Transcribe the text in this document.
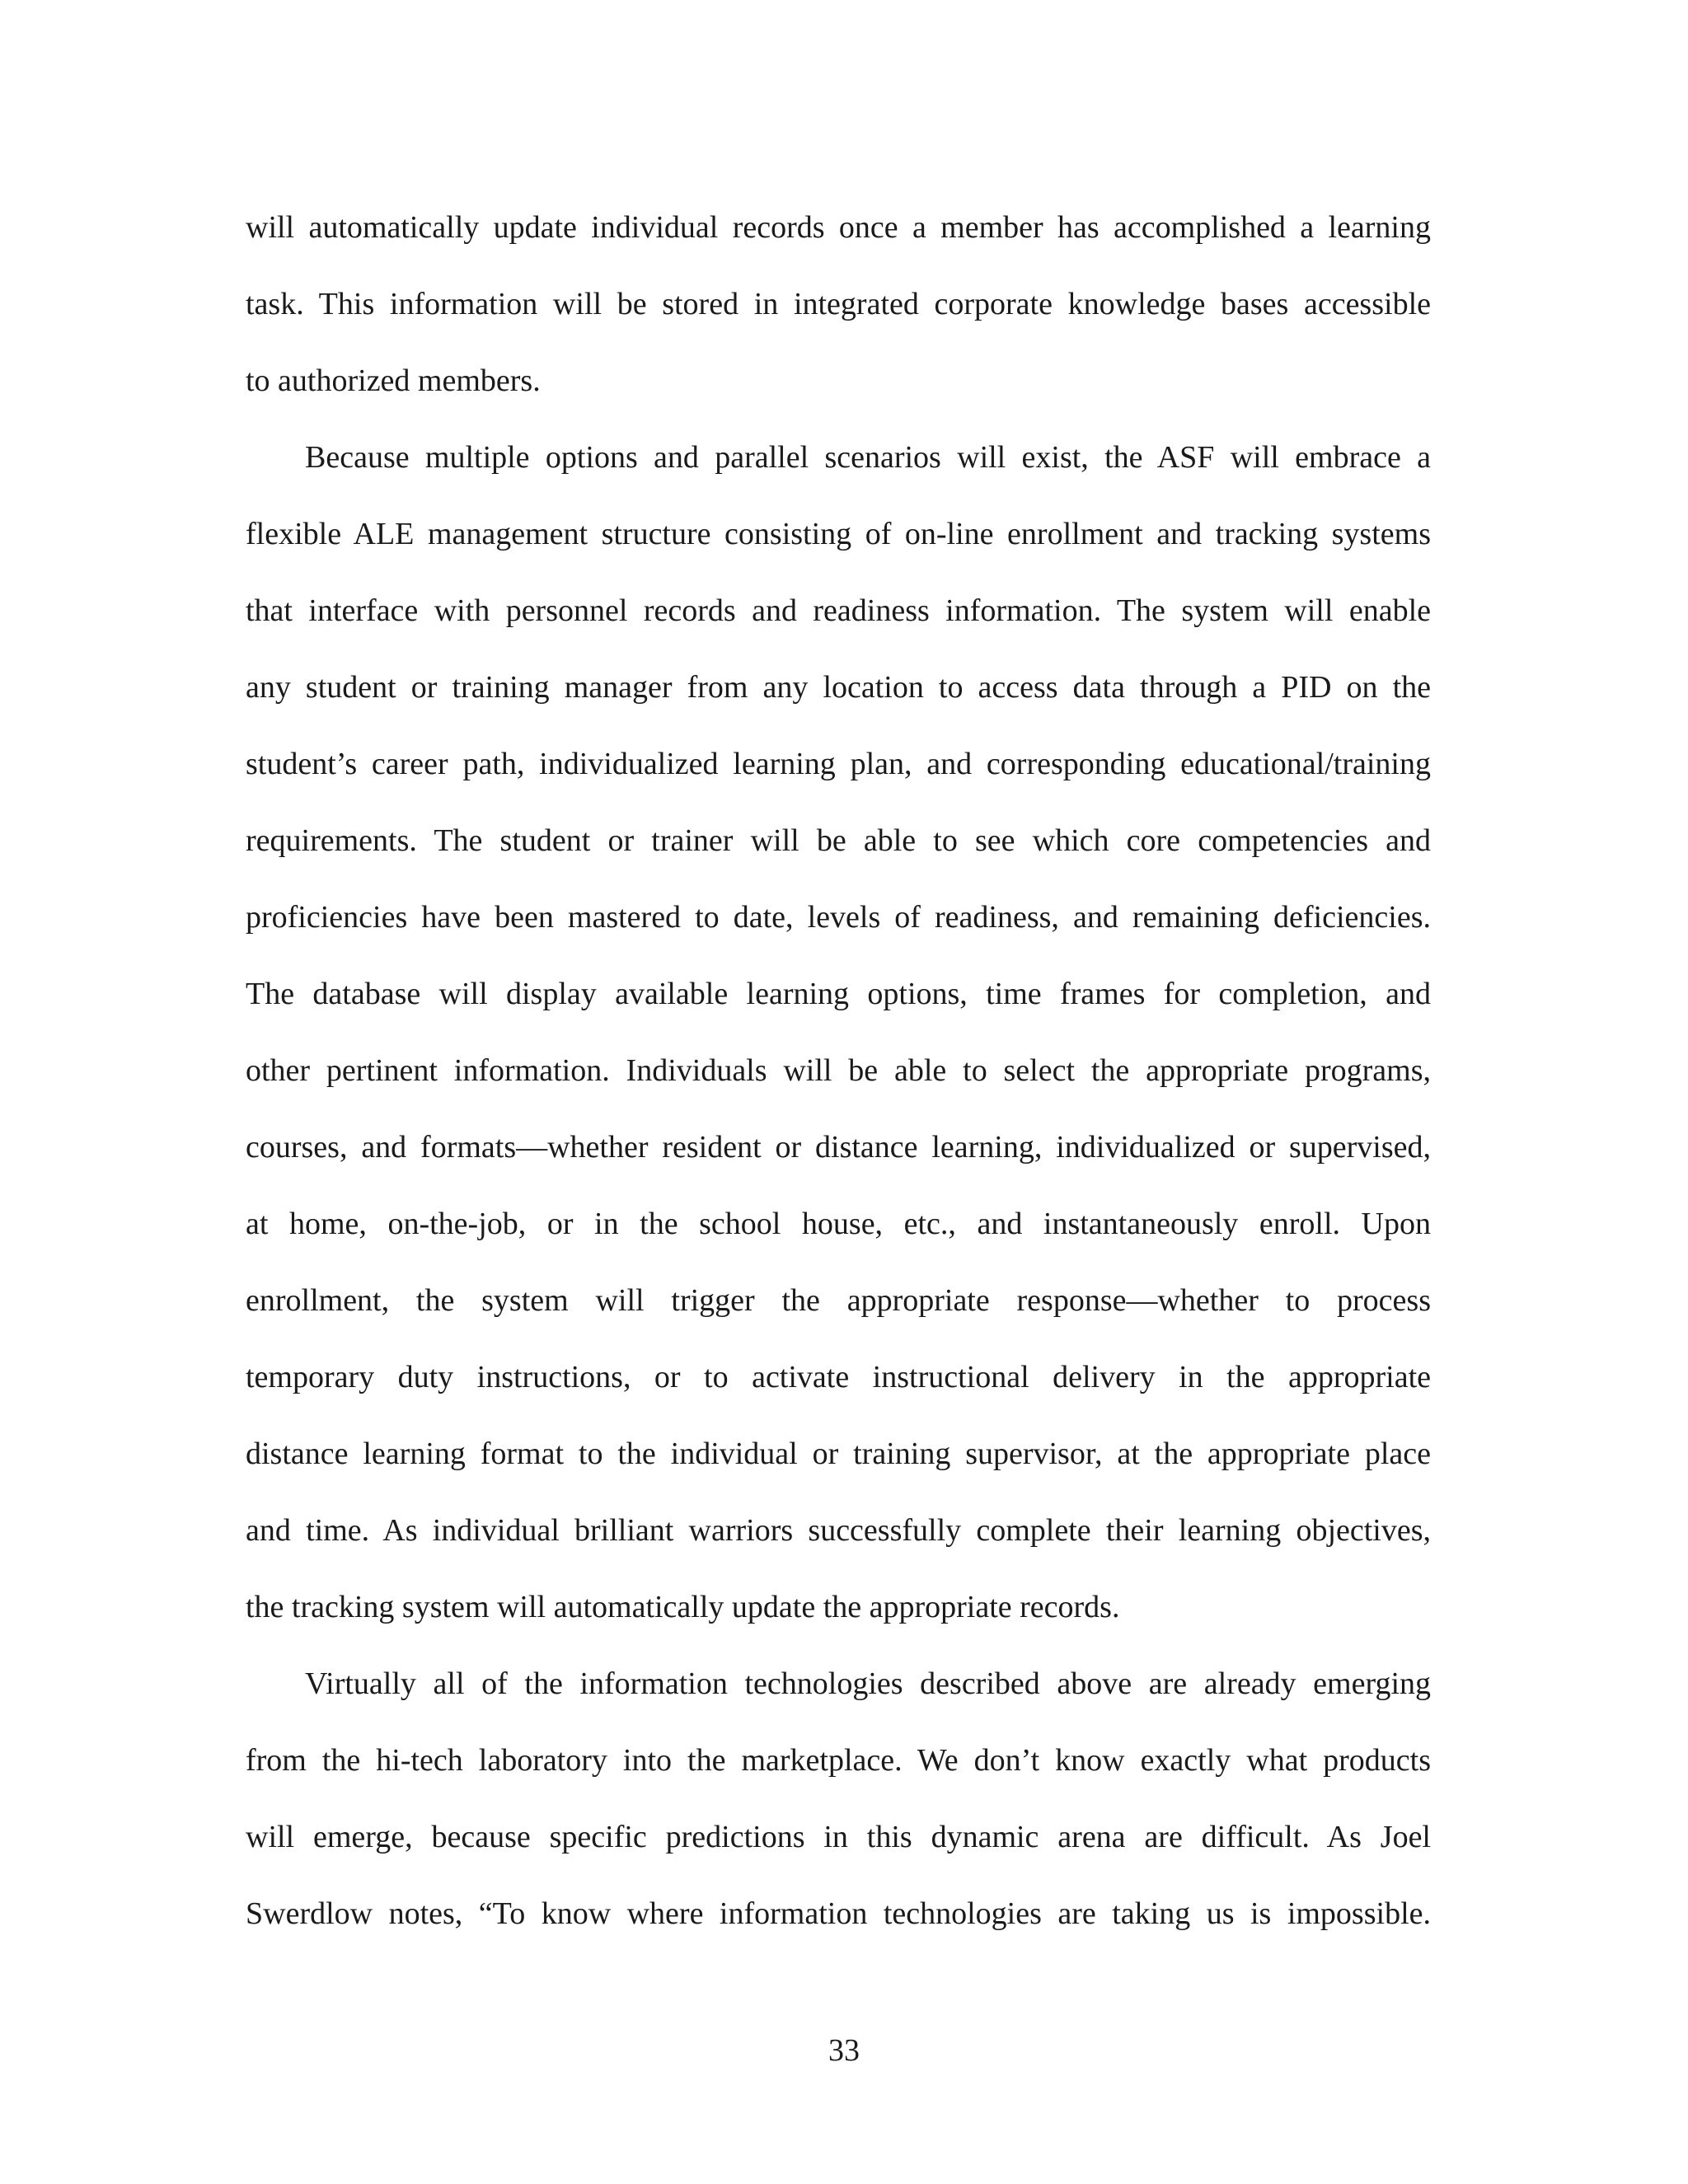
will automatically update individual records once a member has accomplished a learning
task. This information will be stored in integrated corporate knowledge bases accessible
to authorized members.
Because multiple options and parallel scenarios will exist, the ASF will embrace a
flexible ALE management structure consisting of on-line enrollment and tracking systems
that interface with personnel records and readiness information. The system will enable
any student or training manager from any location to access data through a PID on the
student’s career path, individualized learning plan, and corresponding educational/training
requirements. The student or trainer will be able to see which core competencies and
proficiencies have been mastered to date, levels of readiness, and remaining deficiencies.
The database will display available learning options, time frames for completion, and
other pertinent information. Individuals will be able to select the appropriate programs,
courses, and formats—whether resident or distance learning, individualized or supervised,
at home, on-the-job, or in the school house, etc., and instantaneously enroll. Upon
enrollment, the system will trigger the appropriate response—whether to process
temporary duty instructions, or to activate instructional delivery in the appropriate
distance learning format to the individual or training supervisor, at the appropriate place
and time. As individual brilliant warriors successfully complete their learning objectives,
the tracking system will automatically update the appropriate records.
Virtually all of the information technologies described above are already emerging
from the hi-tech laboratory into the marketplace. We don’t know exactly what products
will emerge, because specific predictions in this dynamic arena are difficult. As Joel
Swerdlow notes, “To know where information technologies are taking us is impossible.
33
